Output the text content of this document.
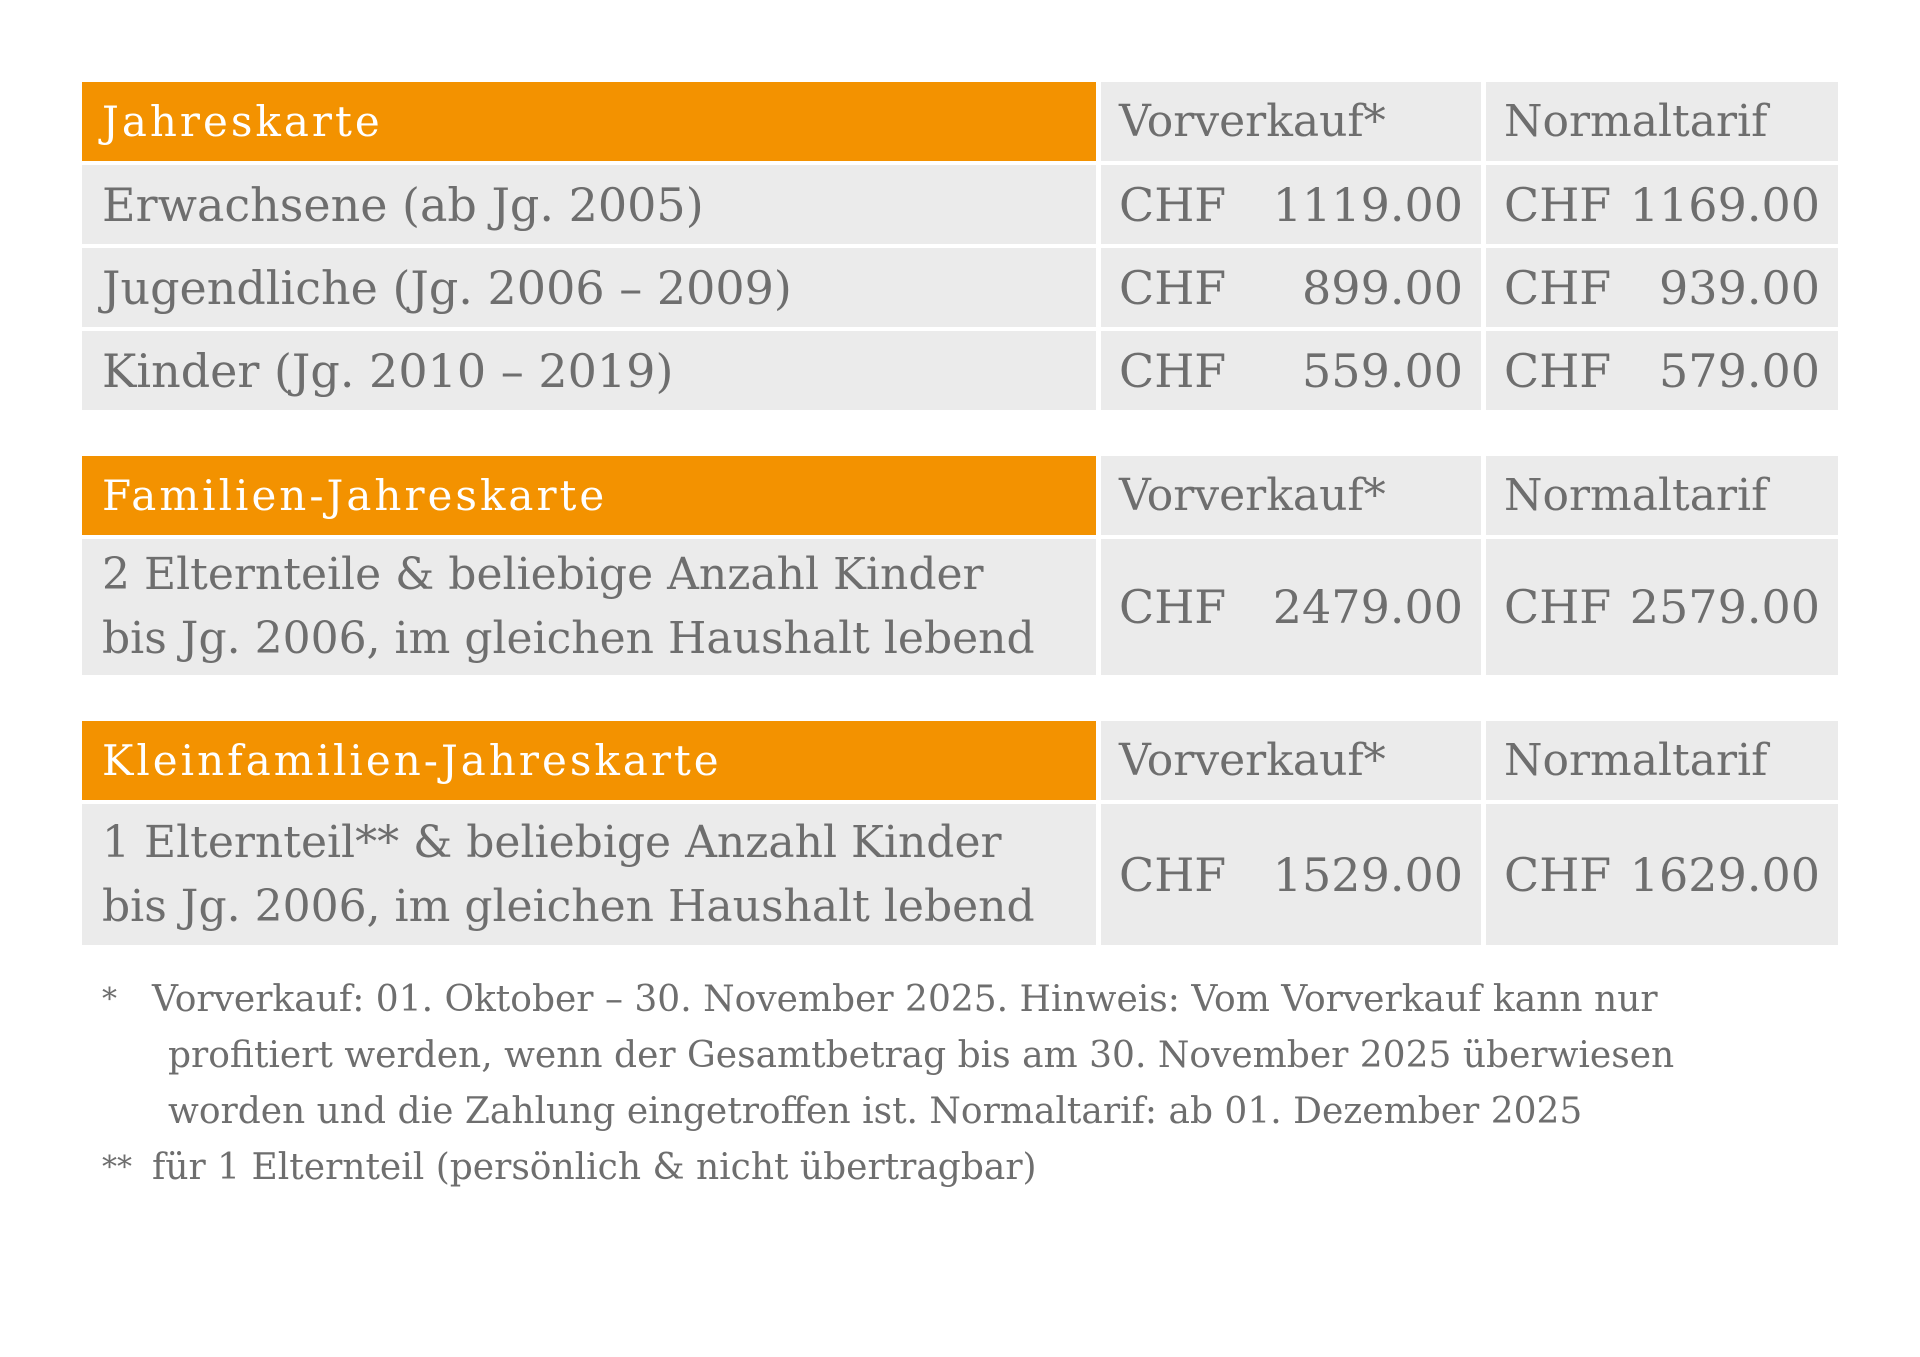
Jahreskarte	Vorverkauf*	Normaltarif
Erwachsene (ab Jg. 2005)	CHF 1119.00 CHF 1169.00
Jugendliche (Jg. 2006 – 2009)	CHF 899.00 CHF 939.00
Kinder (Jg. 2010 – 2019)	CHF 559.00 CHF 579.00
Familien-Jahreskarte	Vorverkauf*	Normaltarif
2 Elternteile & beliebige Anzahl Kinder
bis Jg. 2006, im gleichen Haushalt lebend
CHF 2479.00 CHF 2579.00
Kleinfamilien-Jahreskarte	Vorverkauf*	Normaltarif
1 Elternteil** & beliebige Anzahl Kinder
bis Jg. 2006, im gleichen Haushalt lebend
CHF 1529.00 CHF 1629.00
* Vorverkauf: 01. Oktober – 30. November 2025. Hinweis: Vom Vorverkauf kann nur
profitiert werden, wenn der Gesamtbetrag bis am 30. November 2025 überwiesen
worden und die Zahlung eingetroffen ist. Normaltarif: ab 01. Dezember 2025
** für 1 Elternteil (persönlich & nicht übertragbar)
